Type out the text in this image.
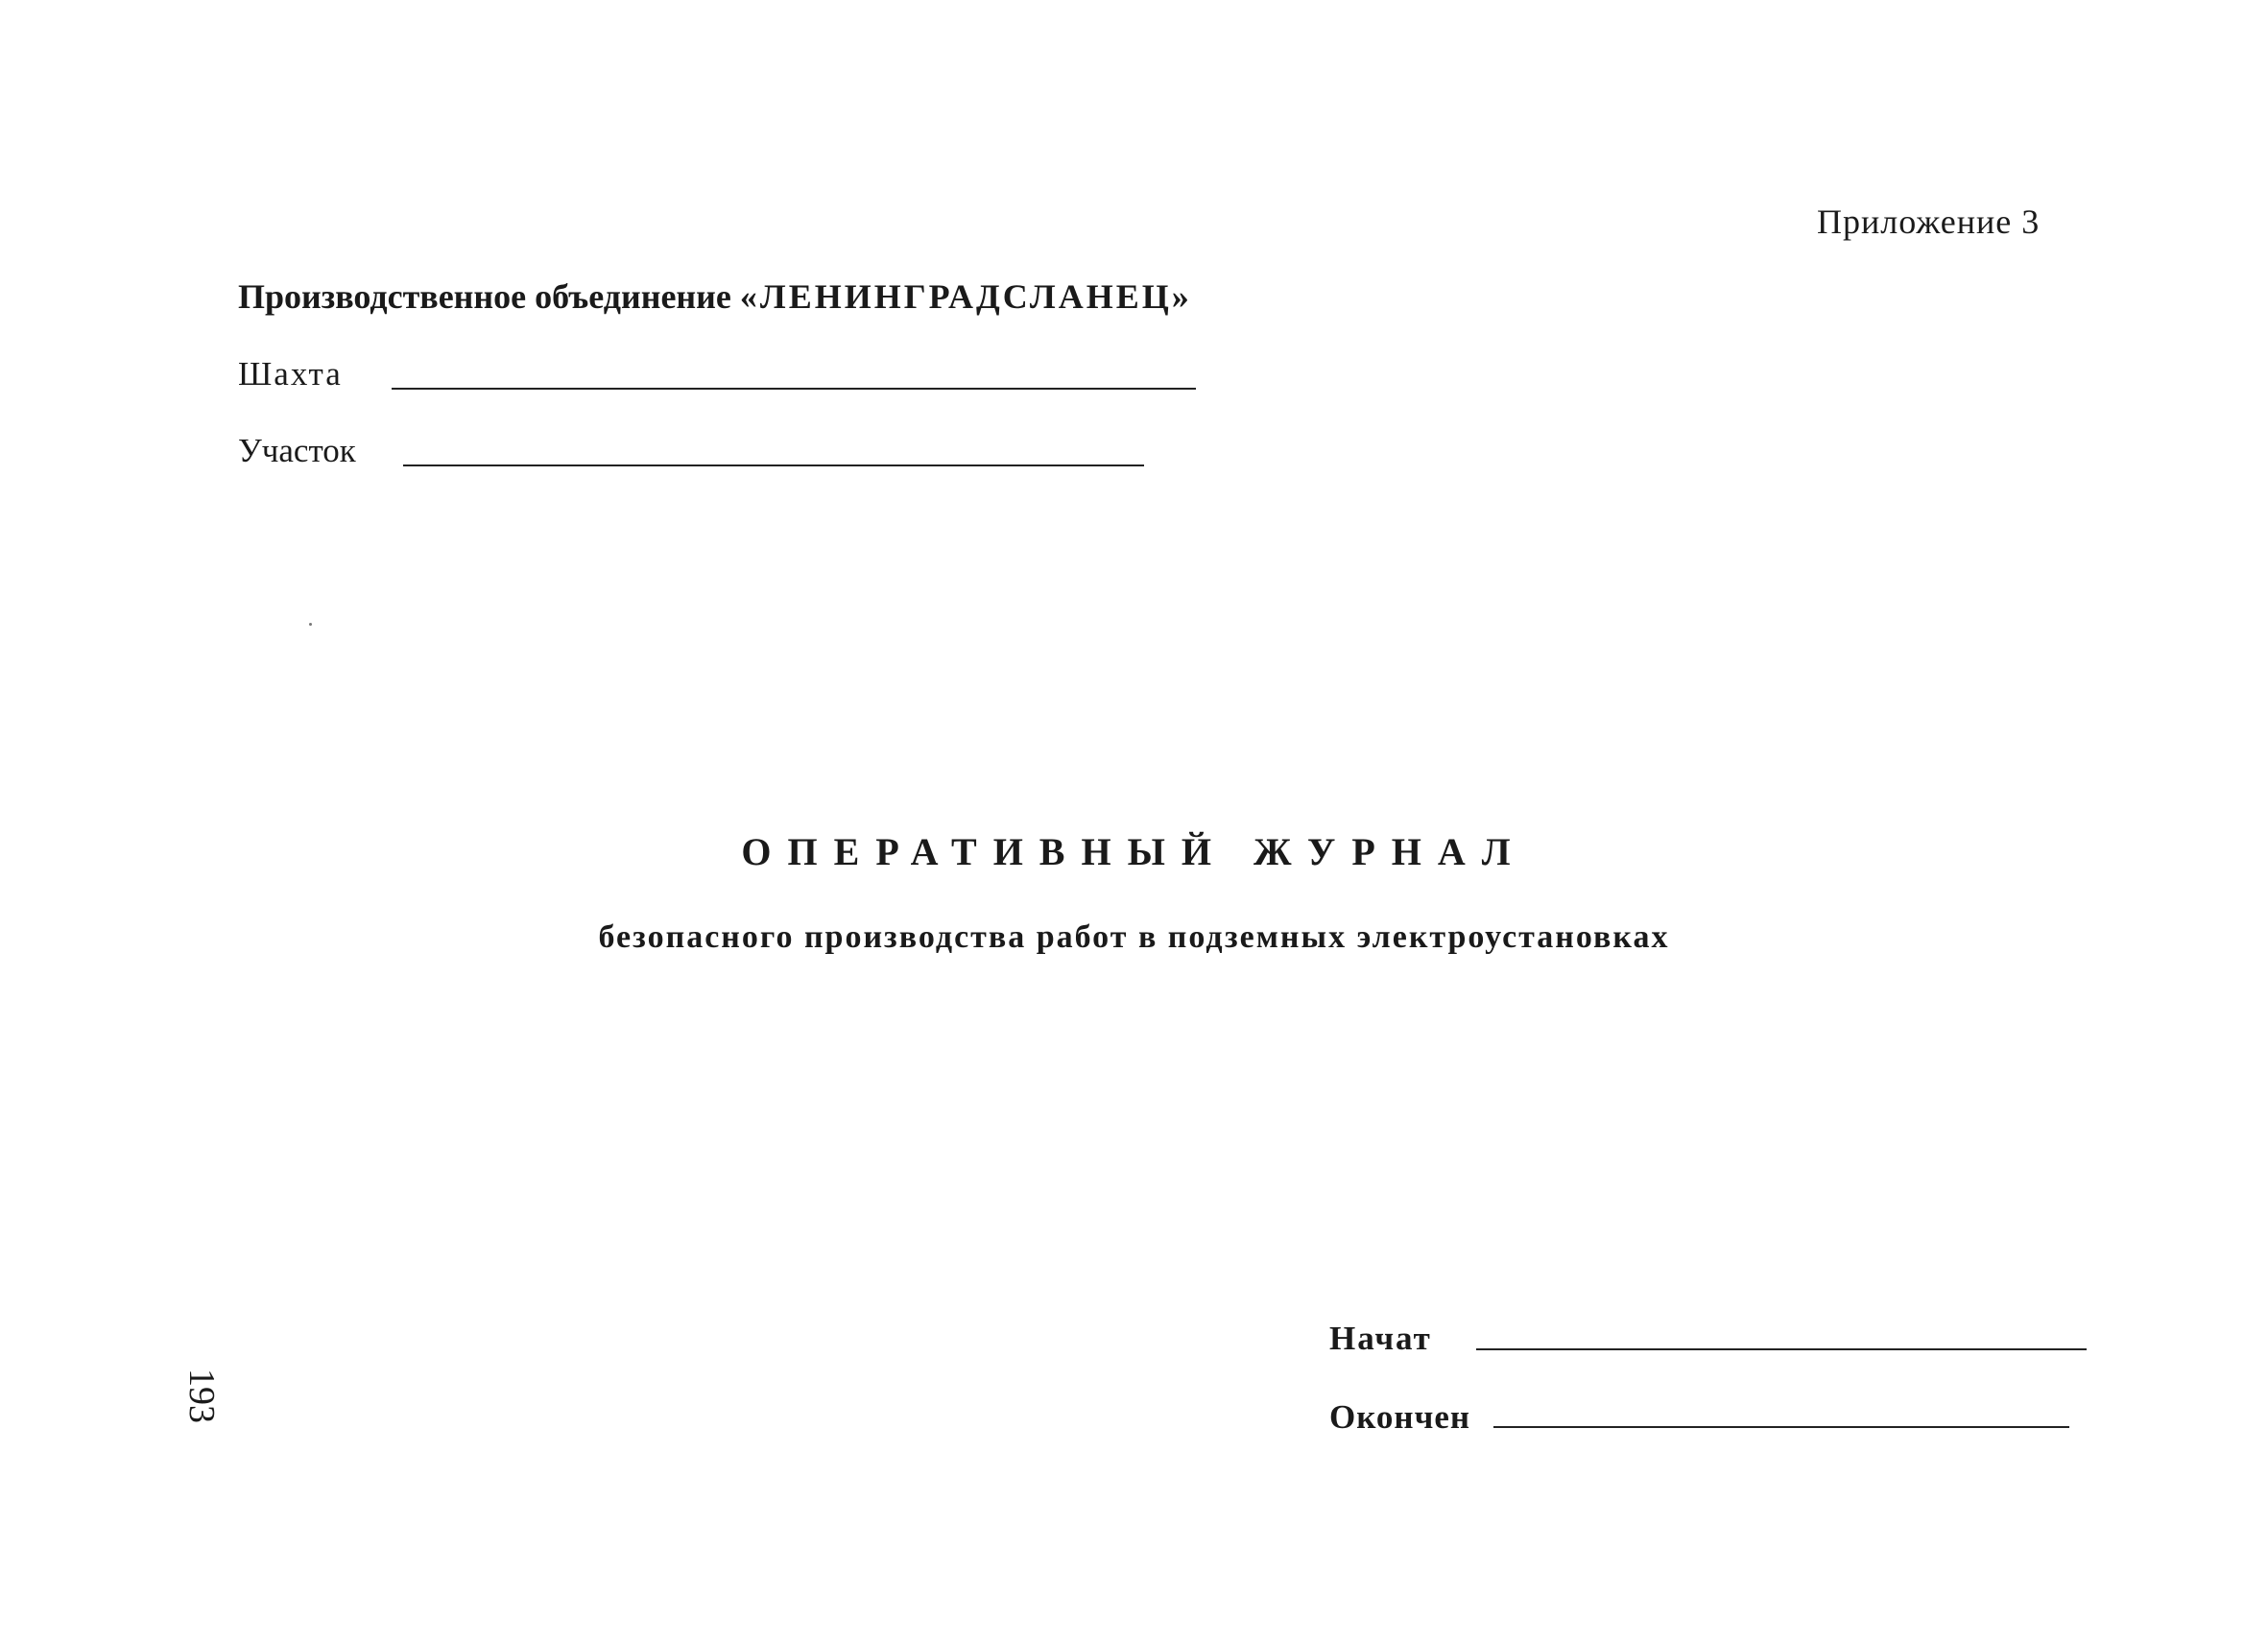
Приложение 3
Производственное объединение «ЛЕНИНГРАДСЛАНЕЦ»
Шахта
Участок
ОПЕРАТИВНЫЙ ЖУРНАЛ
безопасного производства работ в подземных электроустановках
Начат
Окончен
193
